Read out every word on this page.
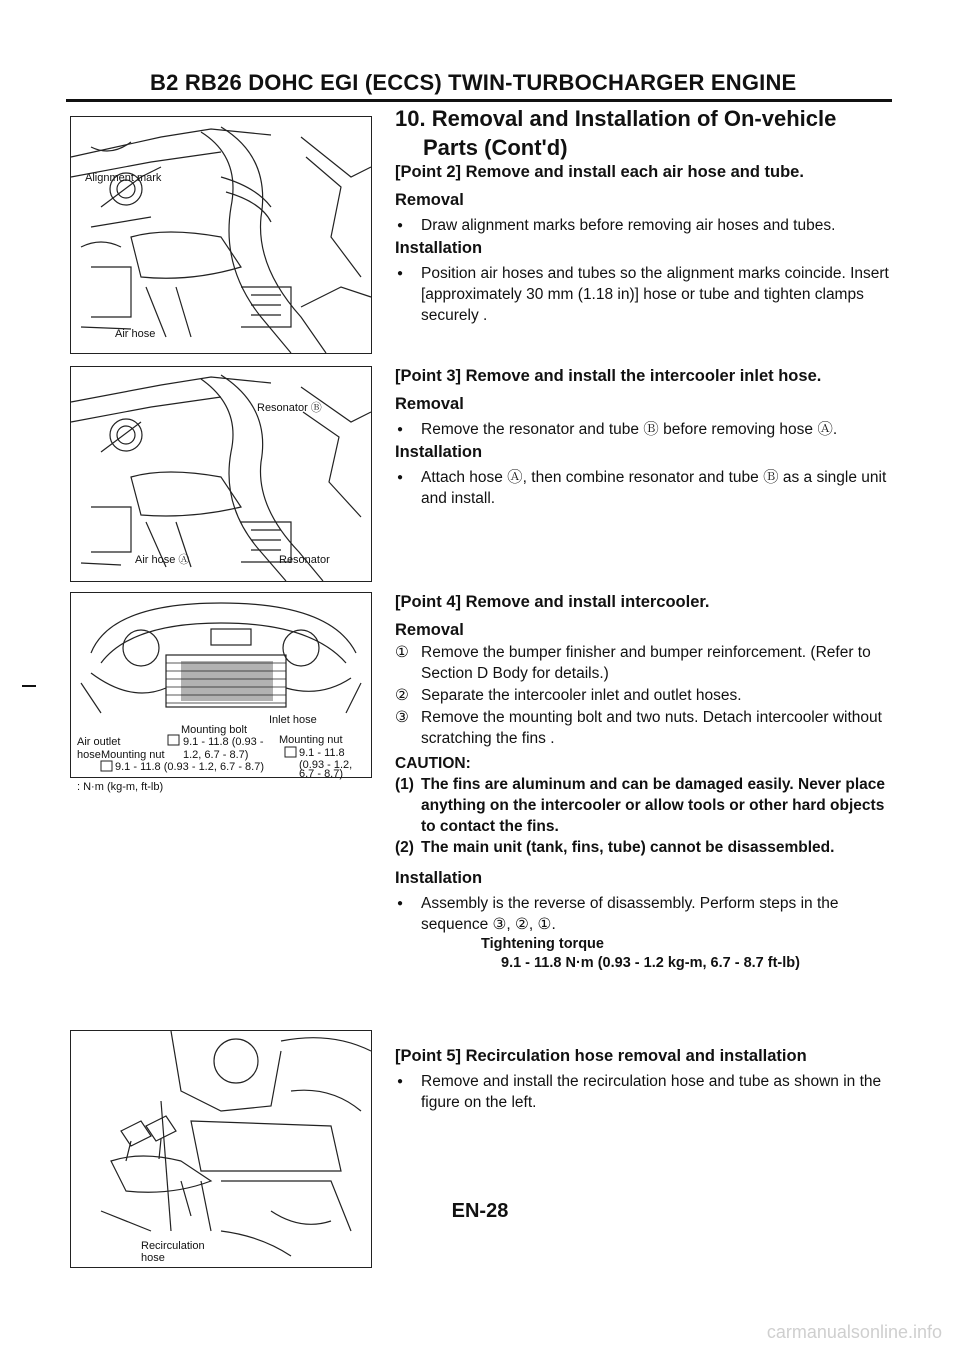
B2 RB26 DOHC EGI (ECCS) TWIN-TURBOCHARGER ENGINE
10. Removal and Installation of On-vehicle
Parts (Cont'd)
[Point 2] Remove and install each air hose and tube.
Removal
● Draw alignment marks before removing air hoses and tubes.
Installation
● Position air hoses and tubes so the alignment marks coincide. Insert [approximately 30 mm (1.18 in)] hose or tube and tighten clamps securely .
[Point 3] Remove and install the intercooler inlet hose.
Removal
● Remove the resonator and tube Ⓑ before removing hose Ⓐ.
Installation
● Attach hose Ⓐ, then combine resonator and tube Ⓑ as a single unit and install.
[Point 4] Remove and install intercooler.
Removal
① Remove the bumper finisher and bumper reinforcement. (Refer to Section D Body for details.)
② Separate the intercooler inlet and outlet hoses.
③ Remove the mounting bolt and two nuts. Detach intercooler without scratching the fins .
CAUTION:
(1) The fins are aluminum and can be damaged easily. Never place anything on the intercooler or allow tools or other hard objects to contact the fins.
(2) The main unit (tank, fins, tube) cannot be disassembled.
Installation
● Assembly is the reverse of disassembly. Perform steps in the sequence ③, ②, ①.
Tightening torque
9.1 - 11.8 N·m (0.93 - 1.2 kg-m, 6.7 - 8.7 ft-lb)
[Point 5] Recirculation hose removal and installation
● Remove and install the recirculation hose and tube as shown in the figure on the left.
Alignment mark
Air hose
Resonator Ⓑ
Air hose Ⓐ	Resonator
Inlet hose
Mounting bolt
Mounting nut
Air outlet	9.1 - 11.8 (0.93 -
9.1 - 11.8
hose Mounting nut 1.2, 6.7 - 8.7)
(0.93 - 1.2,
9.1 - 11.8 (0.93 - 1.2, 6.7 - 8.7)
6.7 - 8.7)
: N·m (kg-m, ft-lb)
Recirculation
hose
EN-28
carmanualsonline.info
